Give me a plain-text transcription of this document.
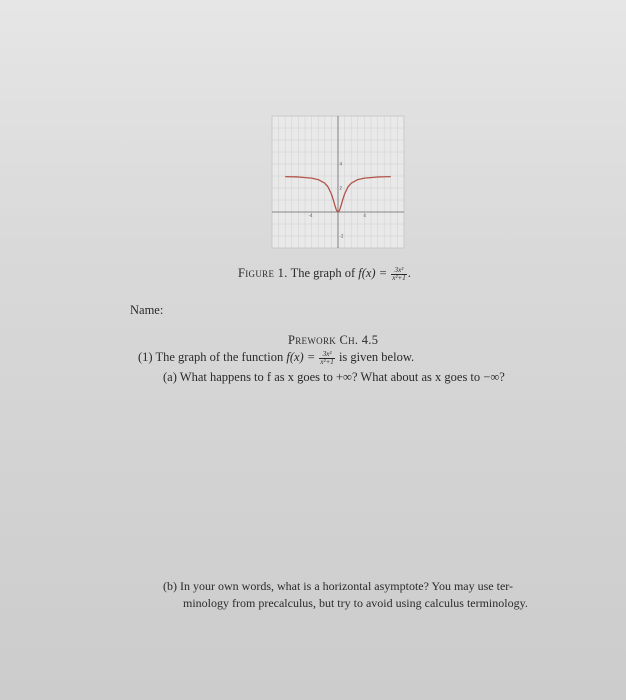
-4	4
4
2
-2
Figure 1. The graph of $f(x) = \frac{\text{3x²}}{\text{x²+1}}$ .
Name:
Prework Ch. 4.5
(1) The graph of the function $f(x) = \frac{\text{3x²}}{\text{x²+1}}$ is given below.
(a) What happens to f as x goes to +∞? What about as x goes to −∞?
(b) In your own words, what is a horizontal asymptote? You may use ter-
minology from precalculus, but try to avoid using calculus terminology.
